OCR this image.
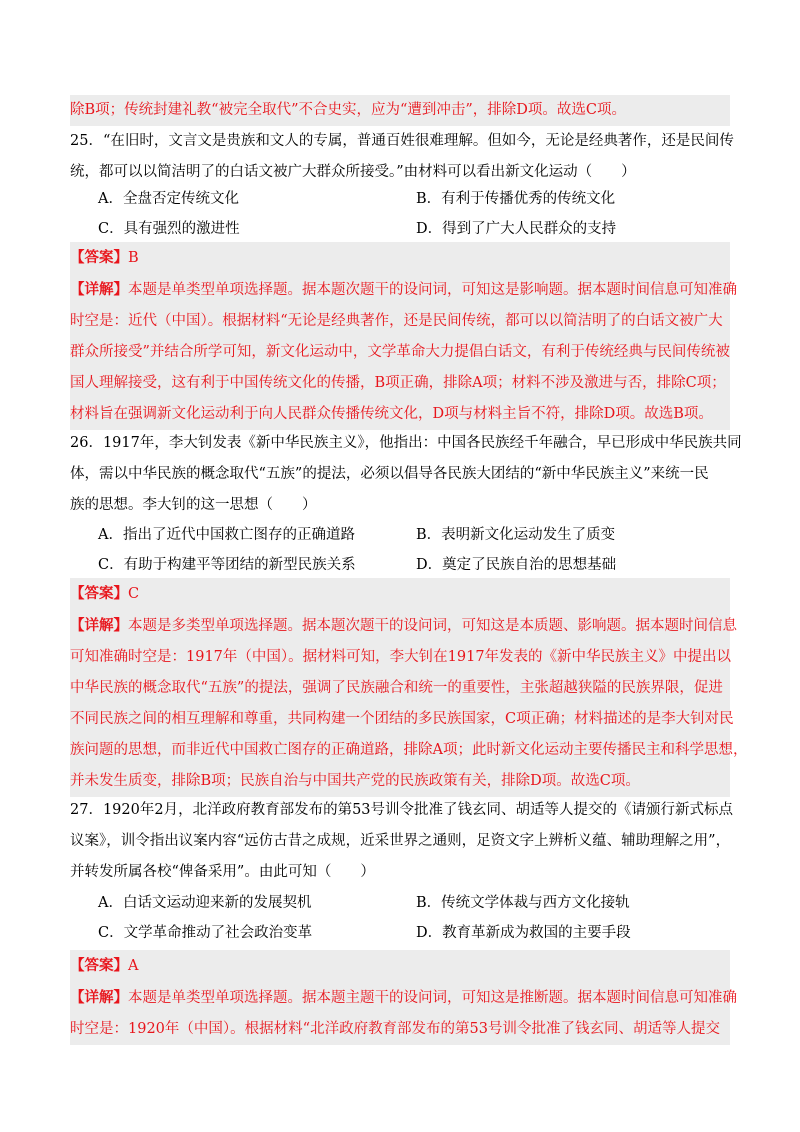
除B项；传统封建礼教“被完全取代”不合史实，应为“遭到冲击”，排除D项。故选C项。
25．“在旧时，文言文是贵族和文人的专属，普通百姓很难理解。但如今，无论是经典著作，还是民间传
统，都可以以简洁明了的白话文被广大群众所接受。”由材料可以看出新文化运动（　　）
A．全盘否定传统文化	B．有利于传播优秀的传统文化
C．具有强烈的激进性	D．得到了广大人民群众的支持
【答案】B
【详解】本题是单类型单项选择题。据本题次题干的设问词，可知这是影响题。据本题时间信息可知准确
时空是：近代（中国）。根据材料“无论是经典著作，还是民间传统，都可以以简洁明了的白话文被广大
群众所接受”并结合所学可知，新文化运动中，文学革命大力提倡白话文，有利于传统经典与民间传统被
国人理解接受，这有利于中国传统文化的传播，B项正确，排除A项；材料不涉及激进与否，排除C项；
材料旨在强调新文化运动利于向人民群众传播传统文化，D项与材料主旨不符，排除D项。故选B项。
26．1917年，李大钊发表《新中华民族主义》，他指出：中国各民族经千年融合，早已形成中华民族共同
体，需以中华民族的概念取代“五族”的提法，必须以倡导各民族大团结的“新中华民族主义”来统一民
族的思想。李大钊的这一思想（　　）
A．指出了近代中国救亡图存的正确道路	B．表明新文化运动发生了质变
C．有助于构建平等团结的新型民族关系	D．奠定了民族自治的思想基础
【答案】C
【详解】本题是多类型单项选择题。据本题次题干的设问词，可知这是本质题、影响题。据本题时间信息
可知准确时空是：1917年（中国）。据材料可知，李大钊在1917年发表的《新中华民族主义》中提出以
中华民族的概念取代“五族”的提法，强调了民族融合和统一的重要性，主张超越狭隘的民族界限，促进
不同民族之间的相互理解和尊重，共同构建一个团结的多民族国家，C项正确；材料描述的是李大钊对民
族问题的思想，而非近代中国救亡图存的正确道路，排除A项；此时新文化运动主要传播民主和科学思想，
并未发生质变，排除B项；民族自治与中国共产党的民族政策有关，排除D项。故选C项。
27．1920年2月，北洋政府教育部发布的第53号训令批准了钱玄同、胡适等人提交的《请颁行新式标点
议案》，训令指出议案内容“远仿古昔之成规，近采世界之通则，足资文字上辨析义蕴、辅助理解之用”，
并转发所属各校“俾备采用”。由此可知（　　）
A．白话文运动迎来新的发展契机	B．传统文学体裁与西方文化接轨
C．文学革命推动了社会政治变革	D．教育革新成为救国的主要手段
【答案】A
【详解】本题是单类型单项选择题。据本题主题干的设问词，可知这是推断题。据本题时间信息可知准确
时空是：1920年（中国）。根据材料“北洋政府教育部发布的第53号训令批准了钱玄同、胡适等人提交
